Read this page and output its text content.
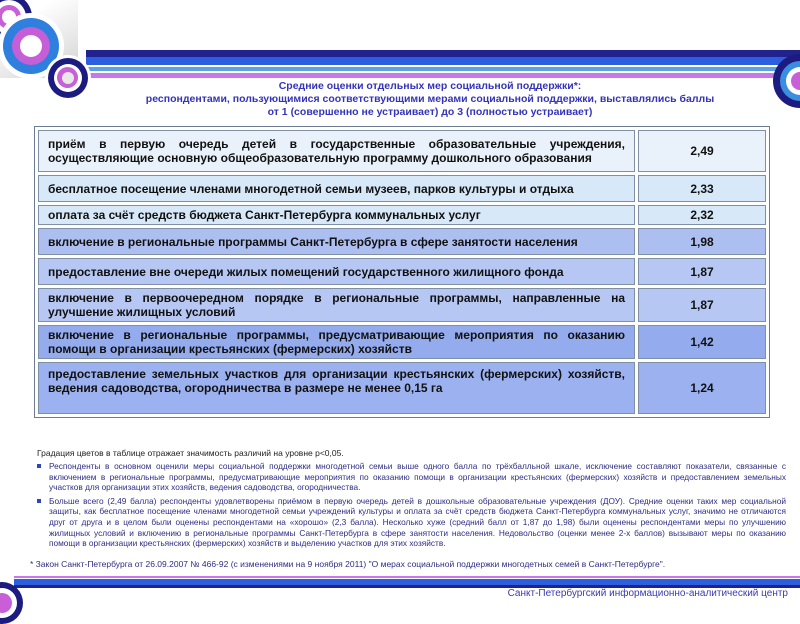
Средние оценки отдельных мер социальной поддержки*:
респондентами, пользующимися соответствующими мерами социальной поддержки, выставлялись баллы
от 1 (совершенно не устраивает) до 3 (полностью устраивает)
приём в первую очередь детей в государственные образовательные учреждения, осуществляющие основную общеобразовательную программу дошкольного образования	2,49
бесплатное посещение членами многодетной семьи музеев, парков культуры и отдыха	2,33
оплата за счёт средств бюджета Санкт-Петербурга коммунальных услуг	2,32
включение в региональные программы Санкт-Петербурга в сфере занятости населения	1,98
предоставление вне очереди жилых помещений государственного жилищного фонда	1,87
включение в первоочередном порядке в региональные программы, направленные на улучшение жилищных условий	1,87
включение в региональные программы, предусматривающие мероприятия по оказанию помощи в организации крестьянских (фермерских) хозяйств	1,42
предоставление земельных участков для организации крестьянских (фермерских) хозяйств, ведения садоводства, огородничества в размере не менее 0,15 га	1,24
Градация цветов в таблице отражает значимость различий на уровне p<0,05.
Респонденты в основном оценили меры социальной поддержки многодетной семьи выше одного балла по трёхбалльной шкале, исключение составляют показатели, связанные с включением в региональные программы, предусматривающие мероприятия по оказанию помощи в организации крестьянских (фермерских) хозяйств и предоставлением земельных участков для организации этих хозяйств, ведения садоводства, огородничества.
Больше всего (2,49 балла) респонденты удовлетворены приёмом в первую очередь детей в дошкольные образовательные учреждения (ДОУ). Средние оценки таких мер социальной защиты, как бесплатное посещение членами многодетной семьи учреждений культуры и оплата за счёт средств бюджета Санкт-Петербурга коммунальных услуг, значимо не отличаются друг от друга и в целом были оценены респондентами на «хорошо» (2,3 балла). Несколько хуже (средний балл от 1,87 до 1,98) были оценены респондентами меры по улучшению жилищных условий и включению в региональные программы Санкт-Петербурга в сфере занятости населения. Недовольство (оценки менее 2-х баллов) вызывают меры по оказанию помощи в организации крестьянских (фермерских) хозяйств и выделению участков для этих хозяйств.
* Закон Санкт-Петербурга от 26.09.2007 № 466-92 (с изменениями на 9 ноября 2011) "О мерах социальной поддержки многодетных семей в Санкт-Петербурге".
Санкт-Петербургский информационно-аналитический центр
